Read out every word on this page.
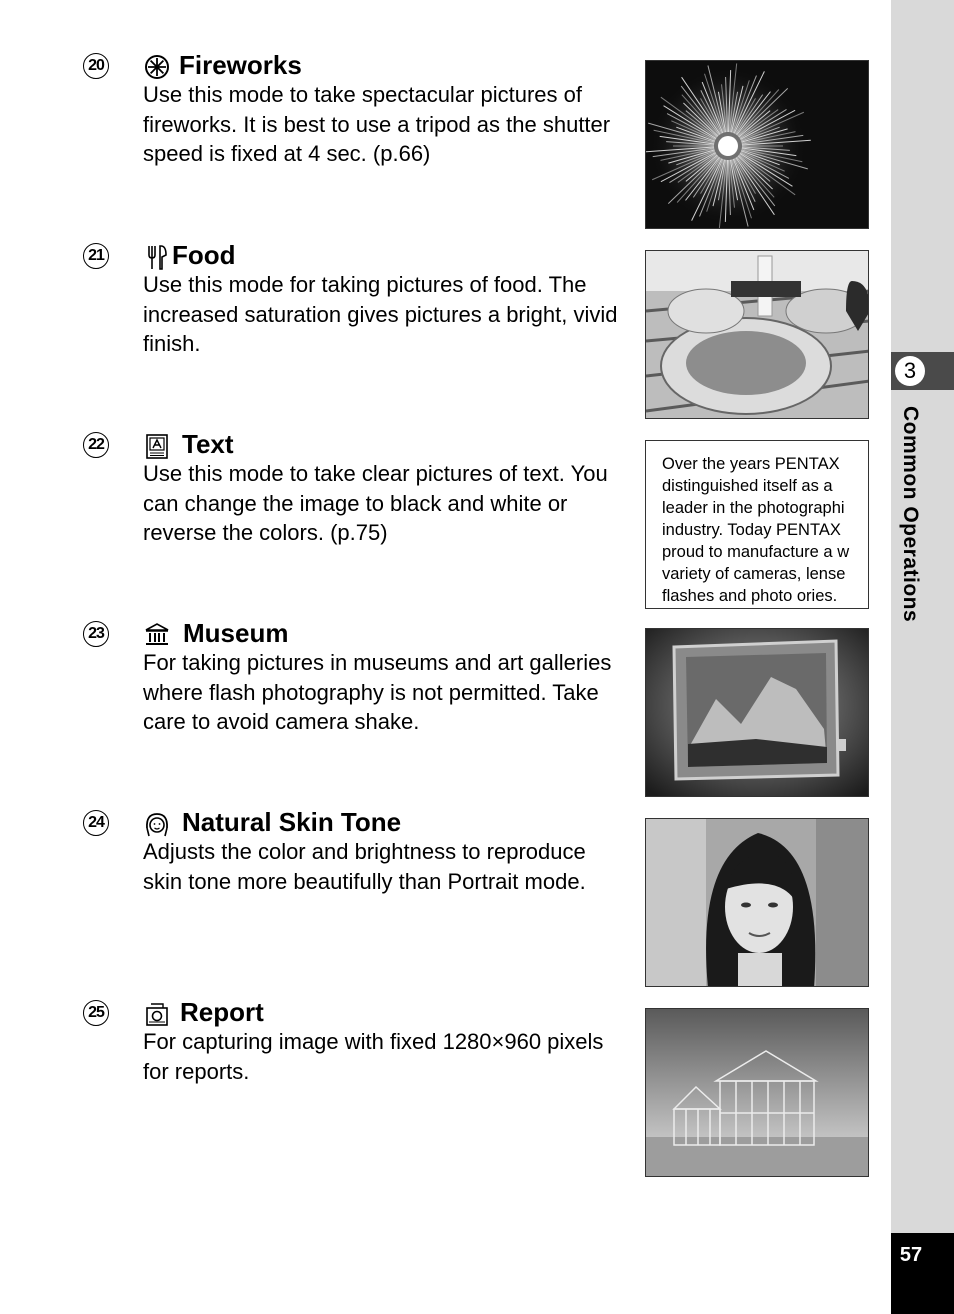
3
Common Operations
57
20	Fireworks
Use this mode to take spectacular pictures of fireworks. It is best to use a tripod as the shutter speed is fixed at 4 sec. (p.66)
21	Food
Use this mode for taking pictures of food. The increased saturation gives pictures a bright, vivid finish.
22	Text
Use this mode to take clear pictures of text. You can change the image to black and white or reverse the colors. (p.75)
Over the years PENTAX
distinguished itself as a
leader in the photographi
industry. Today PENTAX
proud to manufacture a w
variety of cameras, lense
flashes and photo ories.
23	Museum
For taking pictures in museums and art galleries where flash photography is not permitted. Take care to avoid camera shake.
24	Natural Skin Tone
Adjusts the color and brightness to reproduce skin tone more beautifully than Portrait mode.
25	Report
For capturing image with fixed 1280×960 pixels for reports.
